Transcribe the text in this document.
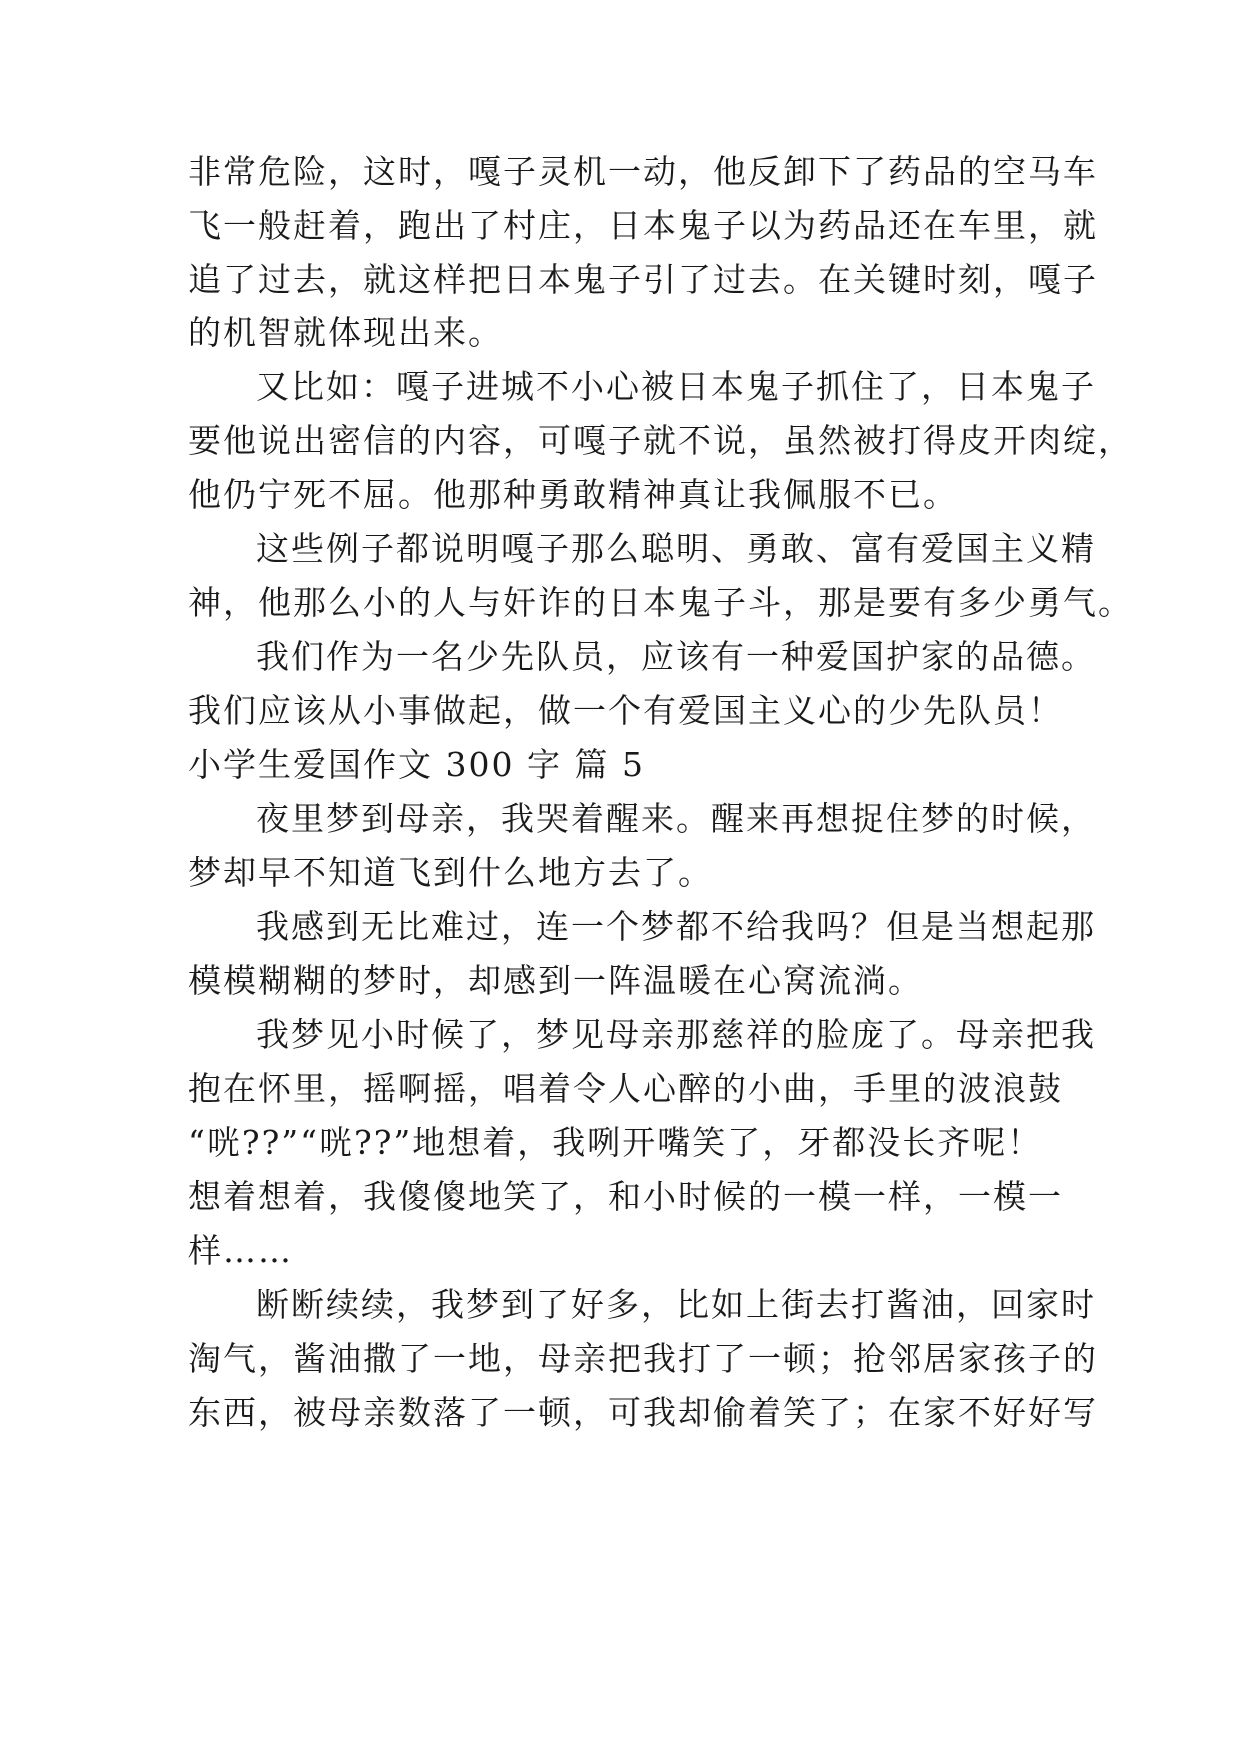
非常危险，这时，嘎子灵机一动，他反卸下了药品的空马车

飞一般赶着，跑出了村庄，日本鬼子以为药品还在车里，就

追了过去，就这样把日本鬼子引了过去。在关键时刻，嘎子

的机智就体现出来。

又比如：嘎子进城不小心被日本鬼子抓住了，日本鬼子

要他说出密信的内容，可嘎子就不说，虽然被打得皮开肉绽，

他仍宁死不屈。他那种勇敢精神真让我佩服不已。

这些例子都说明嘎子那么聪明、勇敢、富有爱国主义精

神，他那么小的人与奸诈的日本鬼子斗，那是要有多少勇气。

我们作为一名少先队员，应该有一种爱国护家的品德。

我们应该从小事做起，做一个有爱国主义心的少先队员！

小学生爱国作文 300 字 篇 5

夜里梦到母亲，我哭着醒来。醒来再想捉住梦的时候，

梦却早不知道飞到什么地方去了。

我感到无比难过，连一个梦都不给我吗？但是当想起那

模模糊糊的梦时，却感到一阵温暖在心窝流淌。

我梦见小时候了，梦见母亲那慈祥的脸庞了。母亲把我

抱在怀里，摇啊摇，唱着令人心醉的小曲，手里的波浪鼓

“咣??”“咣??”地想着，我咧开嘴笑了，牙都没长齐呢！

想着想着，我傻傻地笑了，和小时候的一模一样，一模一

样……

断断续续，我梦到了好多，比如上街去打酱油，回家时

淘气，酱油撒了一地，母亲把我打了一顿；抢邻居家孩子的

东西，被母亲数落了一顿，可我却偷着笑了；在家不好好写
